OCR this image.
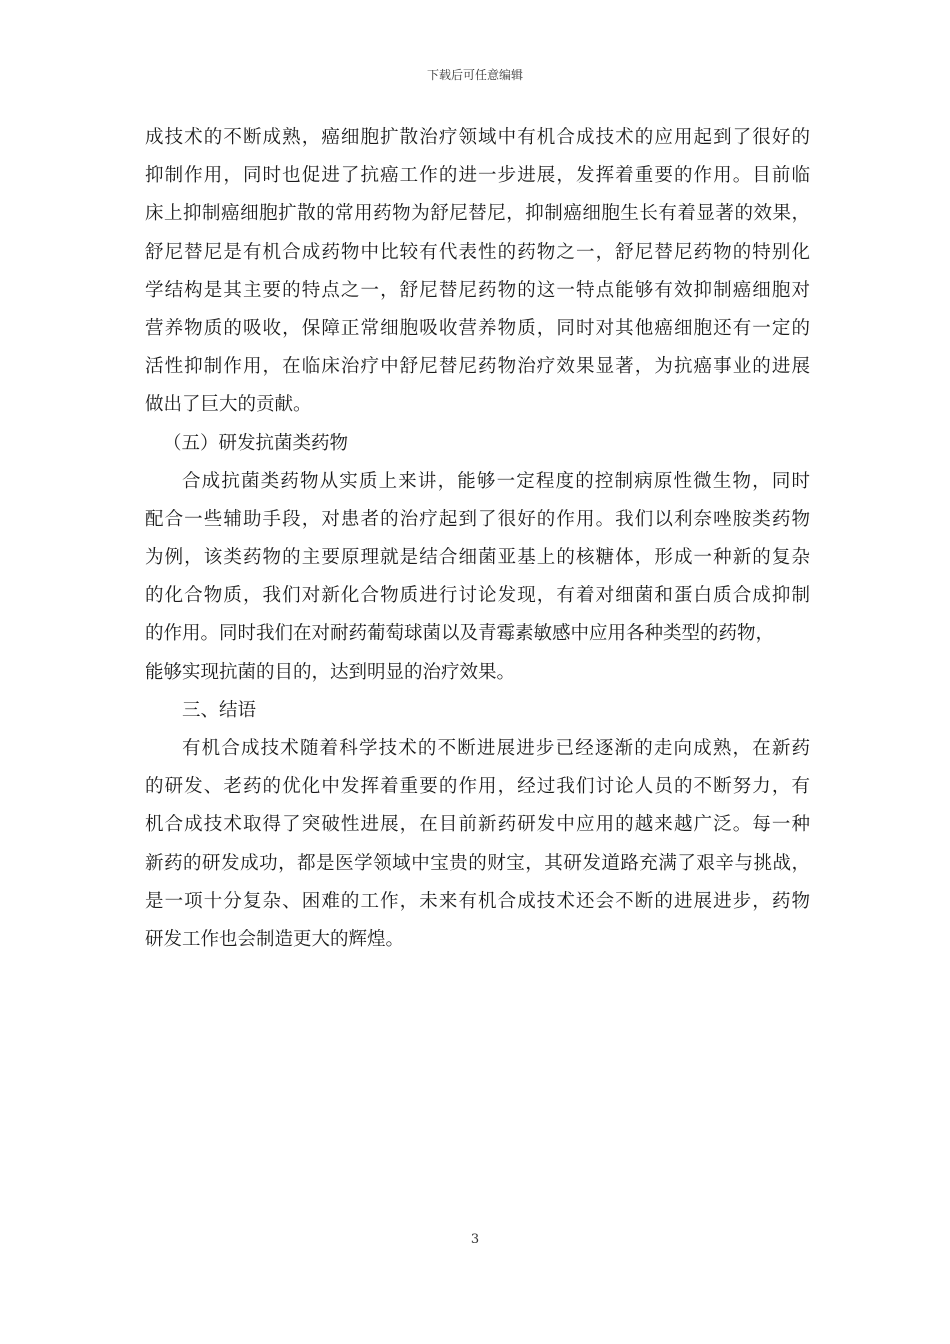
下载后可任意编辑
成技术的不断成熟，癌细胞扩散治疗领域中有机合成技术的应用起到了很好的
抑制作用，同时也促进了抗癌工作的进一步进展，发挥着重要的作用。目前临
床上抑制癌细胞扩散的常用药物为舒尼替尼，抑制癌细胞生长有着显著的效果，
舒尼替尼是有机合成药物中比较有代表性的药物之一，舒尼替尼药物的特别化
学结构是其主要的特点之一，舒尼替尼药物的这一特点能够有效抑制癌细胞对
营养物质的吸收，保障正常细胞吸收营养物质，同时对其他癌细胞还有一定的
活性抑制作用，在临床治疗中舒尼替尼药物治疗效果显著，为抗癌事业的进展
做出了巨大的贡献。
（五）研发抗菌类药物
合成抗菌类药物从实质上来讲，能够一定程度的控制病原性微生物，同时
配合一些辅助手段，对患者的治疗起到了很好的作用。我们以利奈唑胺类药物
为例，该类药物的主要原理就是结合细菌亚基上的核糖体，形成一种新的复杂
的化合物质，我们对新化合物质进行讨论发现，有着对细菌和蛋白质合成抑制
的作用。同时我们在对耐药葡萄球菌以及青霉素敏感中应用各种类型的药物，
能够实现抗菌的目的，达到明显的治疗效果。
三、结语
有机合成技术随着科学技术的不断进展进步已经逐渐的走向成熟，在新药
的研发、老药的优化中发挥着重要的作用，经过我们讨论人员的不断努力，有
机合成技术取得了突破性进展，在目前新药研发中应用的越来越广泛。每一种
新药的研发成功，都是医学领域中宝贵的财宝，其研发道路充满了艰辛与挑战，
是一项十分复杂、困难的工作，未来有机合成技术还会不断的进展进步，药物
研发工作也会制造更大的辉煌。
3
